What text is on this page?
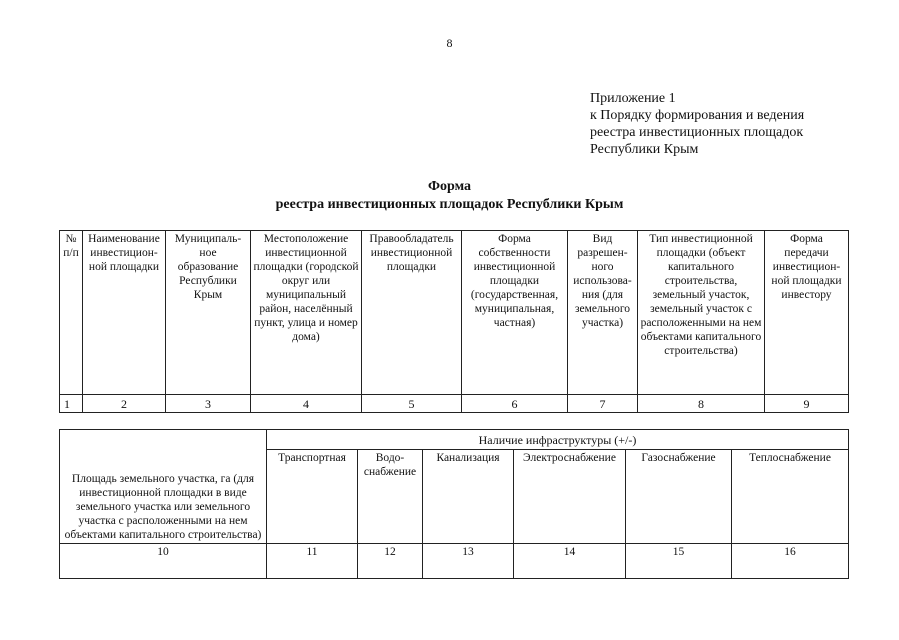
8
Приложение 1
к Порядку формирования и ведения
реестра инвестиционных площадок
Республики Крым
Форма
реестра инвестиционных площадок Республики Крым
№ п/п	Наименование инвестицион-ной площадки	Муниципаль-ное образование Республики Крым	Местоположение инвестиционной площадки (городской округ или муниципальный район, населённый пункт, улица и номер дома)	Правообладатель инвестиционной площадки	Форма собственности инвестиционной площадки (государственная, муниципальная, частная)	Вид разрешен-ного использова-ния (для земельного участка)	Тип инвестиционной площадки (объект капитального строительства, земельный участок, земельный участок с расположенными на нем объектами капитального строительства)	Форма передачи инвестицион-ной площадки инвестору
1	2	3	4	5	6	7	8	9
Площадь земельного участка, га (для инвестиционной площадки в виде земельного участка или земельного участка с расположенными на нем объектами капитального строительства)	Наличие инфраструктуры (+/-)					
	Транспортная	Водо-снабжение	Канализация	Электроснабжение	Газоснабжение	Теплоснабжение
10	11	12	13	14	15	16
